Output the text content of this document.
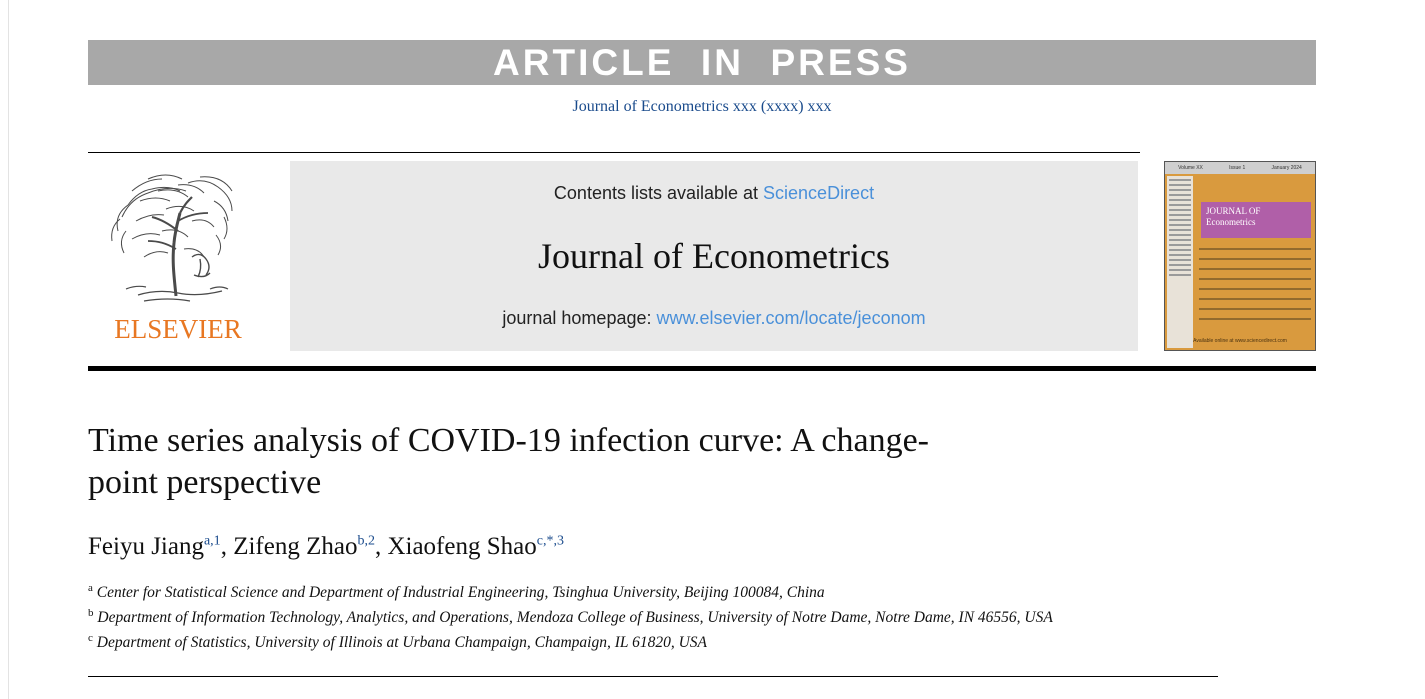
ARTICLE  IN  PRESS
Journal of Econometrics xxx (xxxx) xxx
ELSEVIER
Contents lists available at ScienceDirect
Journal of Econometrics
journal homepage: www.elsevier.com/locate/jeconom
Volume XX	Issue 1	January 2024
JOURNAL OF
Econometrics
Available online at www.sciencedirect.com
Time series analysis of COVID-19 infection curve: A change-point perspective
Feiyu Jiang$^{a,1}$, Zifeng Zhao$^{b,2}$, Xiaofeng Shao$^{c,*,3}$
$^a$ Center for Statistical Science and Department of Industrial Engineering, Tsinghua University, Beijing 100084, China
$^b$ Department of Information Technology, Analytics, and Operations, Mendoza College of Business, University of Notre Dame, Notre Dame, IN 46556, USA
$^c$ Department of Statistics, University of Illinois at Urbana Champaign, Champaign, IL 61820, USA
